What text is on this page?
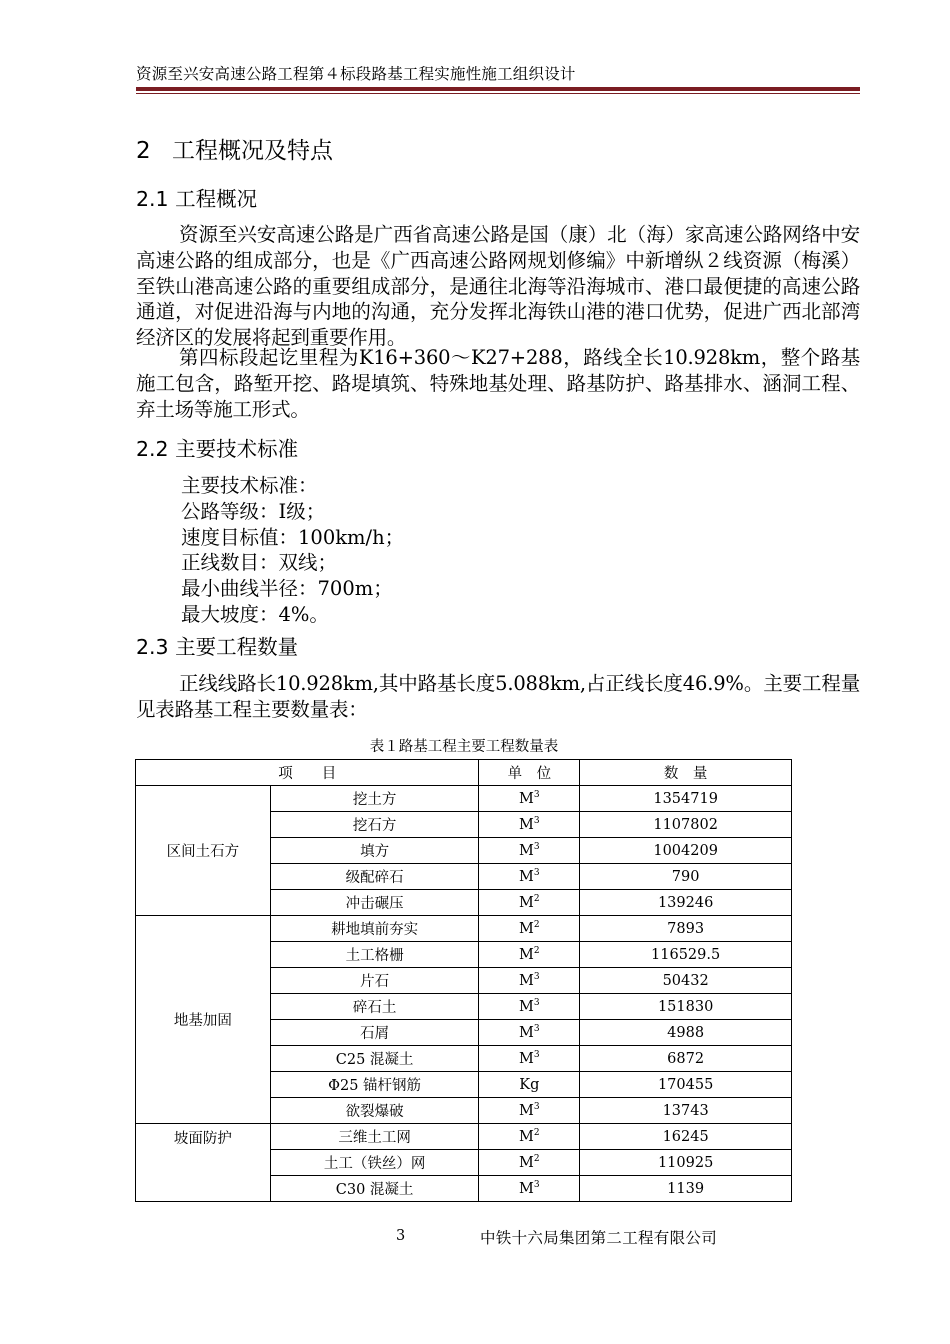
资源至兴安高速公路工程第４标段路基工程实施性施工组织设计
2 工程概况及特点
2.1 工程概况

资源至兴安高速公路是广西省高速公路是国（康）北（海）家高速公路网络中安高速公路的组成部分，也是《广西高速公路网规划修编》中新增纵２线资源（梅溪）至铁山港高速公路的重要组成部分，是通往北海等沿海城市、港口最便捷的高速公路通道，对促进沿海与内地的沟通，充分发挥北海铁山港的港口优势，促进广西北部湾经济区的发展将起到重要作用。

第四标段起讫里程为K16+360～K27+288，路线全长10.928km，整个路基施工包含，路堑开挖、路堤填筑、特殊地基处理、路基防护、路基排水、涵洞工程、弃土场等施工形式。

2.2 主要技术标准
主要技术标准：
公路等级：Ⅰ级；
速度目标值：100km/h；
正线数目：双线；
最小曲线半径：700m；
最大坡度：4%。
2.3 主要工程数量

正线线路长10.928km,其中路基长度5.088km,占正线长度46.9%。主要工程量见表路基工程主要数量表：

表１路基工程主要工程数量表
项　　目		单　位	数　量
区间土石方	挖土方	$M^3$	1354719
	挖石方	$M^3$	1107802
	填方	$M^3$	1004209
	级配碎石	$M^3$	790
	冲击碾压	$M^2$	139246
地基加固	耕地填前夯实	$M^2$	7893
	土工格栅	$M^2$	116529.5
	片石	$M^3$	50432
	碎石土	$M^3$	151830
	石屑	$M^3$	4988
	C25 混凝土	$M^3$	6872
	Φ25 锚杆钢筋	Kg	170455
	欲裂爆破	$M^3$	13743
坡面防护	三维土工网	$M^2$	16245
	土工（铁丝）网	$M^2$	110925
	C30 混凝土	$M^3$	1139
3	中铁十六局集团第二工程有限公司
